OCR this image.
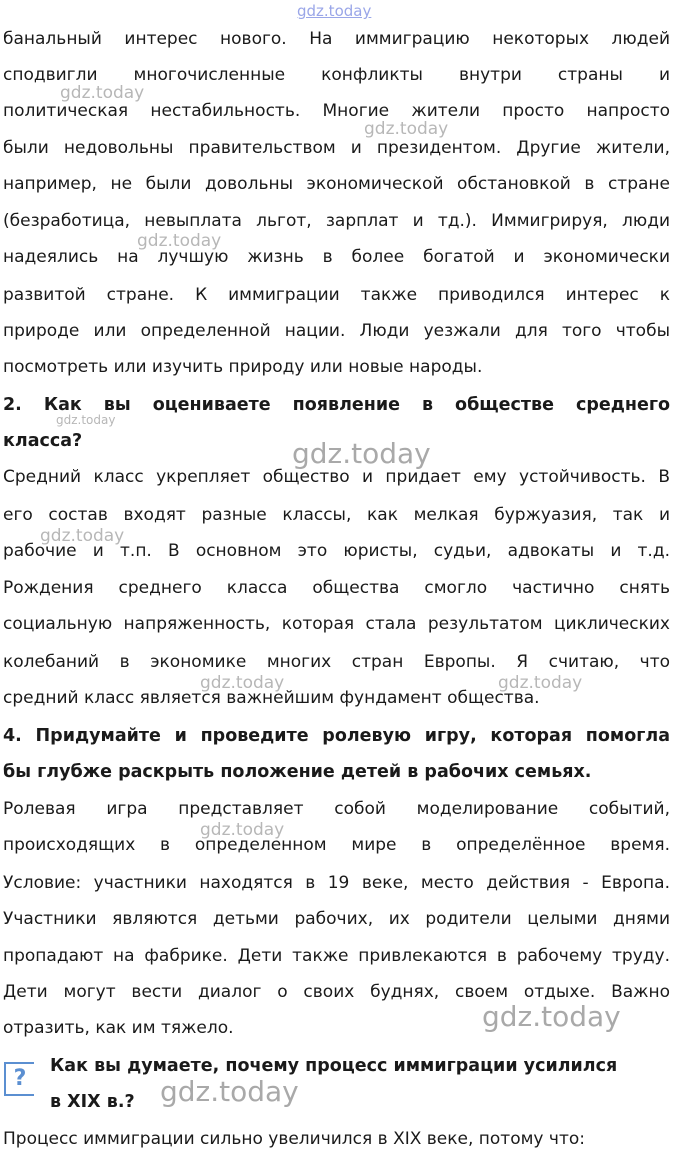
gdz.today
банальный интерес нового. На иммиграцию некоторых людей
сподвигли многочисленные конфликты внутри страны и
политическая нестабильность. Многие жители просто напросто
были недовольны правительством и президентом. Другие жители,
например, не были довольны экономической обстановкой в стране
(безработица, невыплата льгот, зарплат и тд.). Иммигрируя, люди
надеялись на лучшую жизнь в более богатой и экономически
развитой стране. К иммиграции также приводился интерес к
природе или определенной нации. Люди уезжали для того чтобы
посмотреть или изучить природу или новые народы.
2. Как вы оцениваете появление в обществе среднего
класса?
Средний класс укрепляет общество и придает ему устойчивость. В
его состав входят разные классы, как мелкая буржуазия, так и
рабочие и т.п. В основном это юристы, судьи, адвокаты и т.д.
Рождения среднего класса общества смогло частично снять
социальную напряженность, которая стала результатом циклических
колебаний в экономике многих стран Европы. Я считаю, что
средний класс является важнейшим фундамент общества.
4. Придумайте и проведите ролевую игру, которая помогла
бы глубже раскрыть положение детей в рабочих семьях.
Ролевая игра представляет собой моделирование событий,
происходящих в определенном мире в определённое время.
Условие: участники находятся в 19 веке, место действия - Европа.
Участники являются детьми рабочих, их родители целыми днями
пропадают на фабрике. Дети также привлекаются в рабочему труду.
Дети могут вести диалог о своих буднях, своем отдыхе. Важно
отразить, как им тяжело.
?	Как вы думаете, почему процесс иммиграции усилился
в XIX в.?
Процесс иммиграции сильно увеличился в XIX веке, потому что:
gdz.today
gdz.today
gdz.today
gdz.today
gdz.today
gdz.today
gdz.today	gdz.today
gdz.today
gdz.today
gdz.today
